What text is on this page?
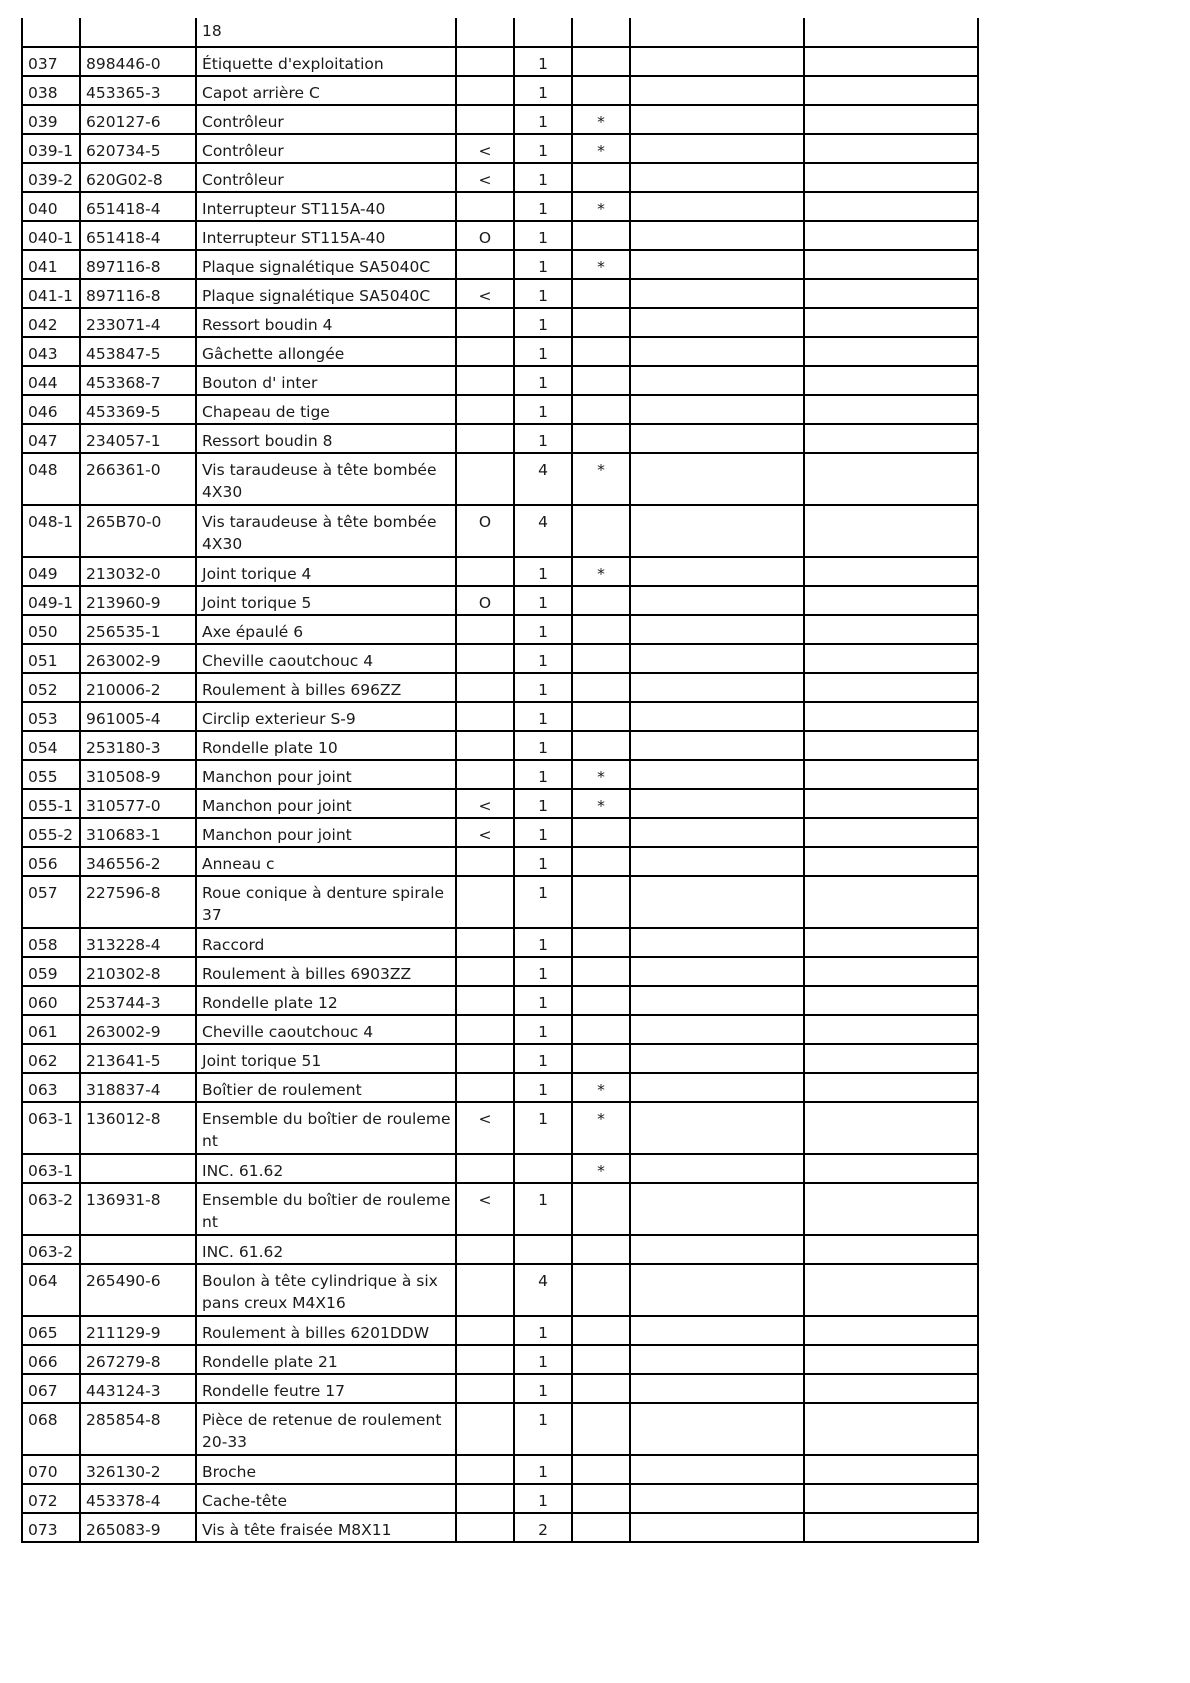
		18					
037	898446-0	Étiquette d'exploitation		1			
038	453365-3	Capot arrière C		1			
039	620127-6	Contrôleur		1	*		
039-1	620734-5	Contrôleur	<	1	*		
039-2	620G02-8	Contrôleur	<	1			
040	651418-4	Interrupteur ST115A-40		1	*		
040-1	651418-4	Interrupteur ST115A-40	O	1			
041	897116-8	Plaque signalétique SA5040C		1	*		
041-1	897116-8	Plaque signalétique SA5040C	<	1			
042	233071-4	Ressort boudin 4		1			
043	453847-5	Gâchette allongée		1			
044	453368-7	Bouton d' inter		1			
046	453369-5	Chapeau de tige		1			
047	234057-1	Ressort boudin 8		1			
048	266361-0	Vis taraudeuse à tête bombée 4X30		4	*		
048-1	265B70-0	Vis taraudeuse à tête bombée 4X30	O	4			
049	213032-0	Joint torique 4		1	*		
049-1	213960-9	Joint torique 5	O	1			
050	256535-1	Axe épaulé 6		1			
051	263002-9	Cheville caoutchouc 4		1			
052	210006-2	Roulement à billes 696ZZ		1			
053	961005-4	Circlip exterieur S-9		1			
054	253180-3	Rondelle plate 10		1			
055	310508-9	Manchon pour joint		1	*		
055-1	310577-0	Manchon pour joint	<	1	*		
055-2	310683-1	Manchon pour joint	<	1			
056	346556-2	Anneau c		1			
057	227596-8	Roue conique à denture spirale 37		1			
058	313228-4	Raccord		1			
059	210302-8	Roulement à billes 6903ZZ		1			
060	253744-3	Rondelle plate 12		1			
061	263002-9	Cheville caoutchouc 4		1			
062	213641-5	Joint torique 51		1			
063	318837-4	Boîtier de roulement		1	*		
063-1	136012-8	Ensemble du boîtier de roulement	<	1	*		
063-1		INC. 61.62			*		
063-2	136931-8	Ensemble du boîtier de roulement	<	1			
063-2		INC. 61.62					
064	265490-6	Boulon à tête cylindrique à six pans creux M4X16		4			
065	211129-9	Roulement à billes 6201DDW		1			
066	267279-8	Rondelle plate 21		1			
067	443124-3	Rondelle feutre 17		1			
068	285854-8	Pièce de retenue de roulement 20-33		1			
070	326130-2	Broche		1			
072	453378-4	Cache-tête		1			
073	265083-9	Vis à tête fraisée M8X11		2			
